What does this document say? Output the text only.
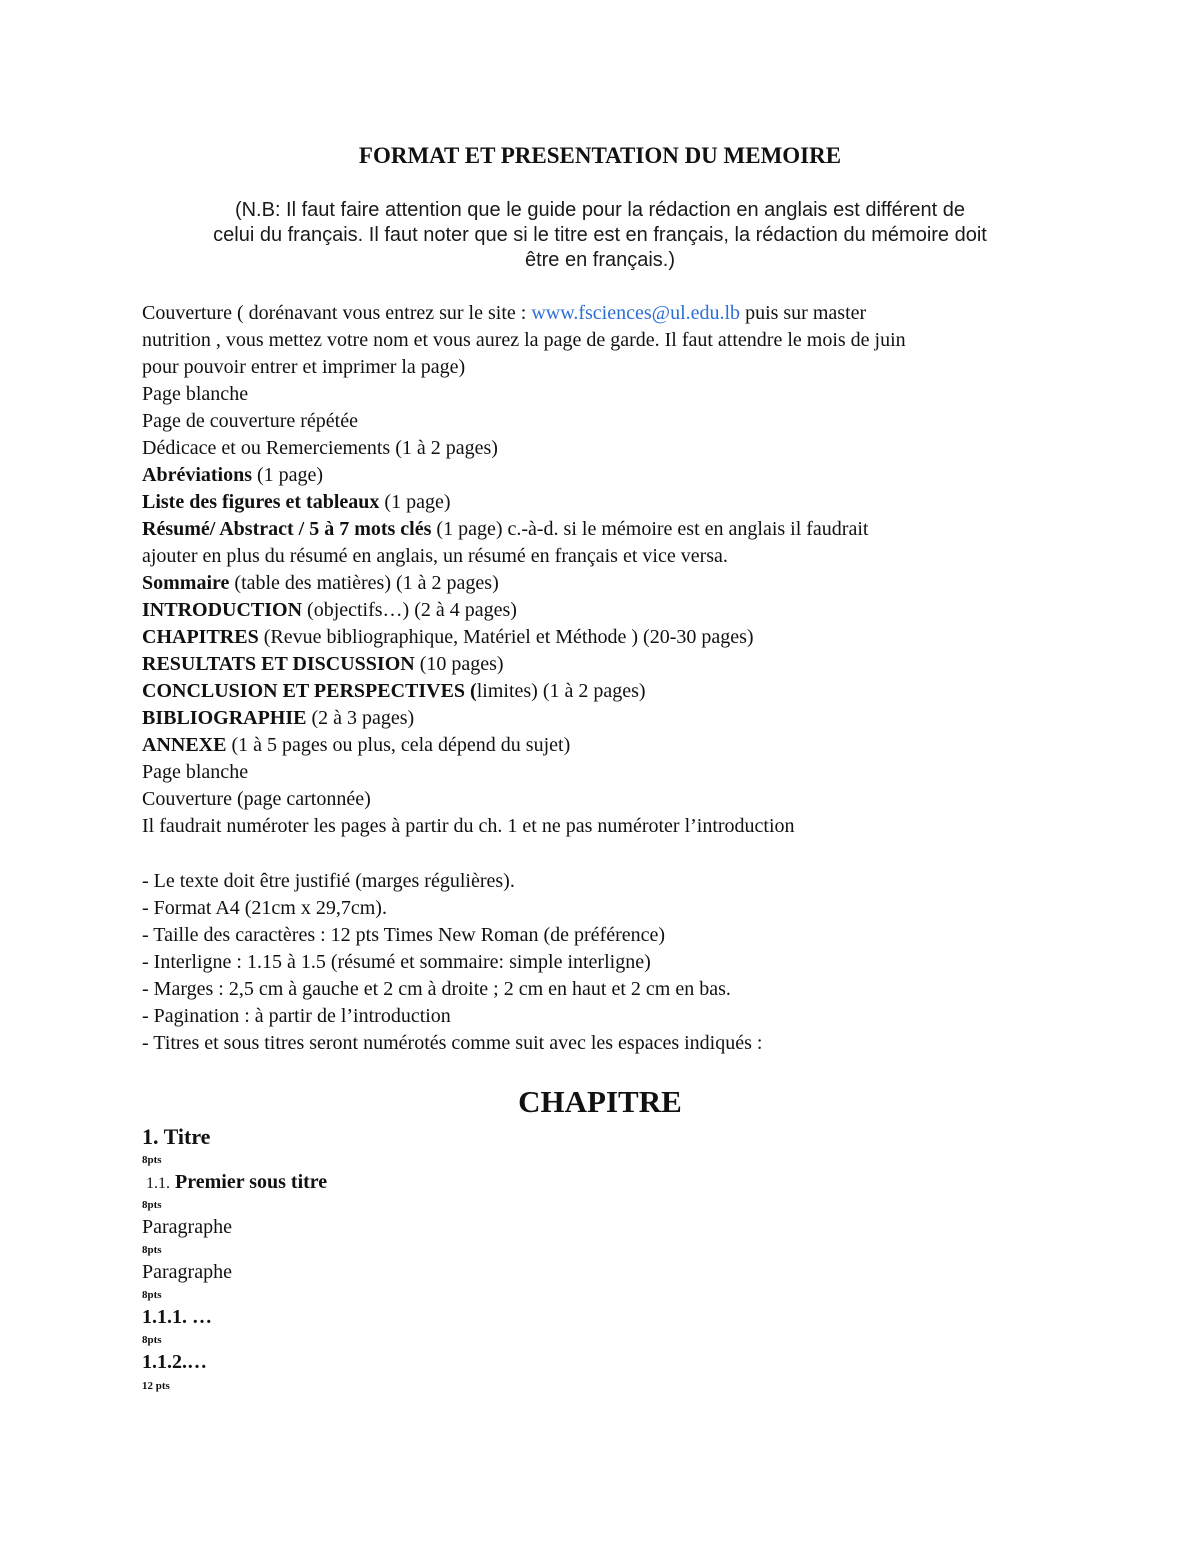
FORMAT ET PRESENTATION DU MEMOIRE
(N.B: Il faut faire attention que le guide pour la rédaction en anglais est différent de
celui du français. Il faut noter que si le titre est en français, la rédaction du mémoire doit
être en français.)
Couverture ( dorénavant vous entrez sur le site : www.fsciences@ul.edu.lb puis sur master
nutrition , vous mettez votre nom et vous aurez la page de garde. Il faut attendre le mois de juin
pour pouvoir entrer et imprimer la page)
Page blanche
Page de couverture répétée
Dédicace et ou Remerciements (1 à 2 pages)
Abréviations (1 page)
Liste des figures et tableaux (1 page)
Résumé/ Abstract / 5 à 7 mots clés (1 page) c.-à-d. si le mémoire est en anglais il faudrait
ajouter en plus du résumé en anglais, un résumé en français et vice versa.
Sommaire (table des matières) (1 à 2 pages)
INTRODUCTION (objectifs…) (2 à 4 pages)
CHAPITRES (Revue bibliographique, Matériel et Méthode ) (20-30 pages)
RESULTATS ET DISCUSSION (10 pages)
CONCLUSION ET PERSPECTIVES (limites) (1 à 2 pages)
BIBLIOGRAPHIE (2 à 3 pages)
ANNEXE (1 à 5 pages ou plus, cela dépend du sujet)
Page blanche
Couverture (page cartonnée)
Il faudrait numéroter les pages à partir du ch. 1 et ne pas numéroter l’introduction
- Le texte doit être justifié (marges régulières).
- Format A4 (21cm x 29,7cm).
- Taille des caractères : 12 pts Times New Roman (de préférence)
- Interligne : 1.15 à 1.5 (résumé et sommaire: simple interligne)
- Marges : 2,5 cm à gauche et 2 cm à droite ; 2 cm en haut et 2 cm en bas.
- Pagination : à partir de l’introduction
- Titres et sous titres seront numérotés comme suit avec les espaces indiqués :
CHAPITRE
1. Titre
8pts
1.1. Premier sous titre
8pts
Paragraphe
8pts
Paragraphe
8pts
1.1.1. …
8pts
1.1.2.…
12 pts
